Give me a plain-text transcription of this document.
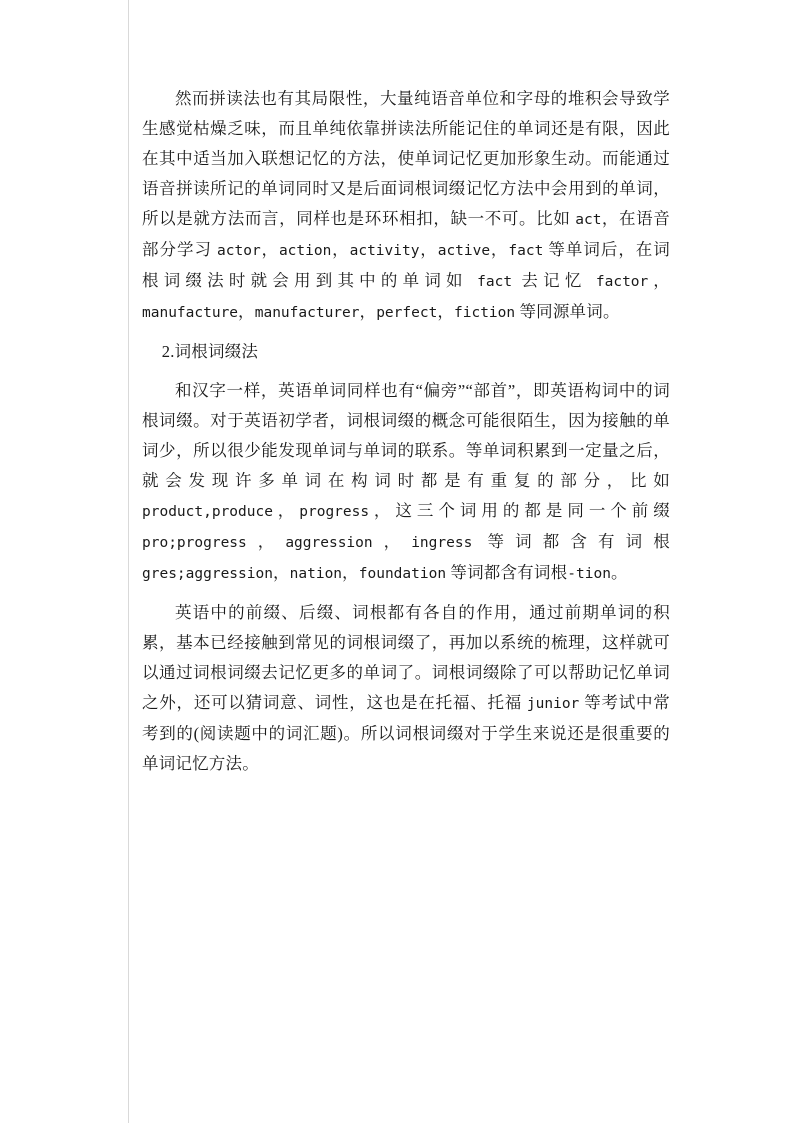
然而拼读法也有其局限性，大量纯语音单位和字母的堆积会导致学生感觉枯燥乏味，而且单纯依靠拼读法所能记住的单词还是有限，因此在其中适当加入联想记忆的方法，使单词记忆更加形象生动。而能通过语音拼读所记的单词同时又是后面词根词缀记忆方法中会用到的单词，所以是就方法而言，同样也是环环相扣，缺一不可。比如 act，在语音部分学习 actor，action，activity，active，fact 等单词后，在词根词缀法时就会用到其中的单词如 fact 去记忆 factor，manufacture，manufacturer，perfect，fiction 等同源单词。

2.词根词缀法

和汉字一样，英语单词同样也有“偏旁”“部首”，即英语构词中的词根词缀。对于英语初学者，词根词缀的概念可能很陌生，因为接触的单词少，所以很少能发现单词与单词的联系。等单词积累到一定量之后，就会发现许多单词在构词时都是有重复的部分，比如 product,produce，progress，这三个词用的都是同一个前缀 pro;progress，aggression，ingress 等词都含有词根 gres;aggression，nation，foundation 等词都含有词根-tion。

英语中的前缀、后缀、词根都有各自的作用，通过前期单词的积累，基本已经接触到常见的词根词缀了，再加以系统的梳理，这样就可以通过词根词缀去记忆更多的单词了。词根词缀除了可以帮助记忆单词之外，还可以猜词意、词性，这也是在托福、托福 junior 等考试中常考到的(阅读题中的词汇题)。所以词根词缀对于学生来说还是很重要的单词记忆方法。
